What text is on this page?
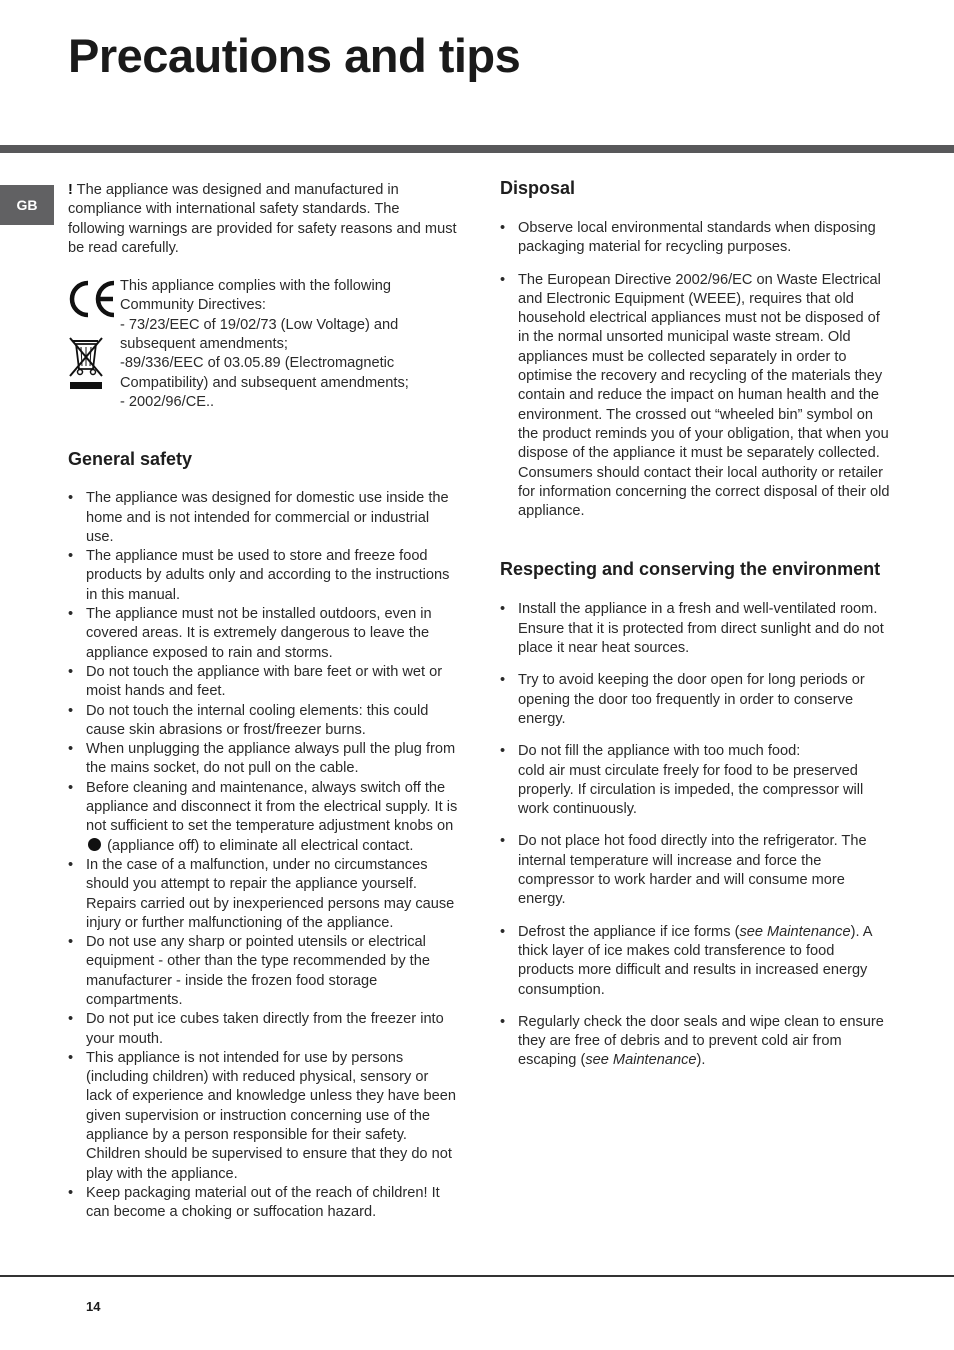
Precautions and tips
GB

! The appliance was designed and manufactured in compliance with international safety standards. The following warnings are provided for safety reasons and must be read carefully.

This appliance complies with the following Community Directives:

- 73/23/EEC of 19/02/73 (Low Voltage) and subsequent amendments;

-89/336/EEC of 03.05.89 (Electromagnetic Compatibility) and subsequent amendments;

- 2002/96/CE..

General safety
• The appliance was designed for domestic use inside the home and is not intended for commercial or industrial use.
• The appliance must be used to store and freeze food products by adults only and according to the instructions in this manual.
• The appliance must not be installed outdoors, even in covered areas. It is extremely dangerous to leave the appliance exposed to rain and storms.
• Do not touch the appliance with bare feet or with wet or moist hands and feet.
• Do not touch the internal cooling elements: this could cause skin abrasions or frost/freezer burns.
• When unplugging the appliance always pull the plug from the mains socket, do not pull on the cable.
• Before cleaning and maintenance, always switch off the appliance and disconnect it from the electrical supply. It is not sufficient to set the temperature adjustment knobs on  (appliance off) to eliminate all electrical contact.
• In the case of a malfunction, under no circumstances should you attempt to repair the appliance yourself. Repairs carried out by inexperienced persons may cause injury or further malfunctioning of the appliance.
• Do not use any sharp or pointed utensils or electrical equipment - other than the type recommended by the manufacturer - inside the frozen food storage compartments.
• Do not put ice cubes taken directly from the freezer into your mouth.
• This appliance is not intended for use by persons (including children) with reduced physical, sensory or lack of experience and knowledge unless they have been given supervision or instruction concerning use of the appliance by a person responsible for their safety. Children should be supervised to ensure that they do not play with the appliance.
• Keep packaging material out of the reach of children! It can become a choking or suffocation hazard.
Disposal
• Observe local environmental standards when disposing packaging material for recycling purposes.
• The European Directive 2002/96/EC on Waste Electrical and Electronic Equipment (WEEE), requires that old household electrical appliances must not be disposed of in the normal unsorted municipal waste stream. Old appliances must be collected separately in order to optimise the recovery and recycling of the materials they contain and reduce the impact on human health and the environment. The crossed out “wheeled bin” symbol on the product reminds you of your obligation, that when you dispose of the appliance it must be separately collected.
Consumers should contact their local authority or retailer for information concerning the correct disposal of their old appliance.
Respecting and conserving the environment
• Install the appliance in a fresh and well-ventilated room. Ensure that it is protected from direct sunlight and do not place it near heat sources.
• Try to avoid keeping the door open for long periods or opening the door too frequently in order to conserve energy.
• Do not fill the appliance with too much food:
cold air must circulate freely for food to be preserved properly. If circulation is impeded, the compressor will work continuously.
• Do not place hot food directly into the refrigerator. The internal temperature will increase and force the compressor to work harder and will consume more energy.
• Defrost the appliance if ice forms (see Maintenance). A thick layer of ice makes cold transference to food products more difficult and results in increased energy consumption.
• Regularly check the door seals and wipe clean to ensure they are free of debris and to prevent cold air from escaping (see Maintenance).
14
